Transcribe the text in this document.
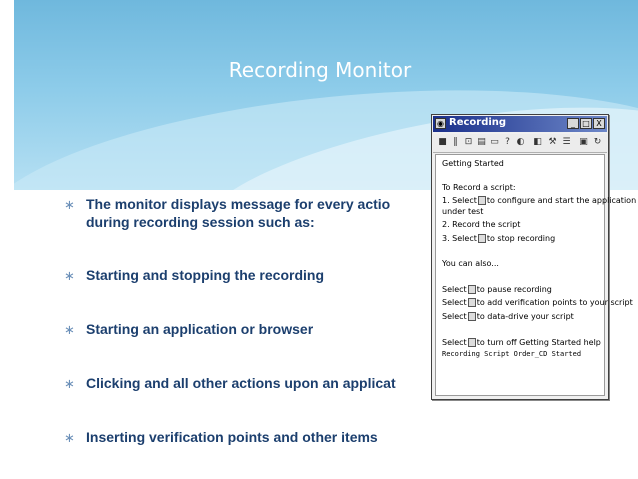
Recording Monitor
∗ The monitor displays message for every actio
during recording session such as:
∗ Starting and stopping the recording
∗ Starting an application or browser
∗ Clicking and all other actions upon an applicat
∗ Inserting verification points and other items
◉ Recording	_ □ X
■ ‖ ⊡ ▤ ▭ ? ◐ ◧ ⚒ ☰ ▣ ↻
Getting Started
To Record a script:
1. Select to configure and start the application
under test
2. Record the script
3. Select to stop recording
You can also...
Select to pause recording
Select to add verification points to your script
Select to data-drive your script
Select to turn off Getting Started help
Recording Script Order_CD Started
